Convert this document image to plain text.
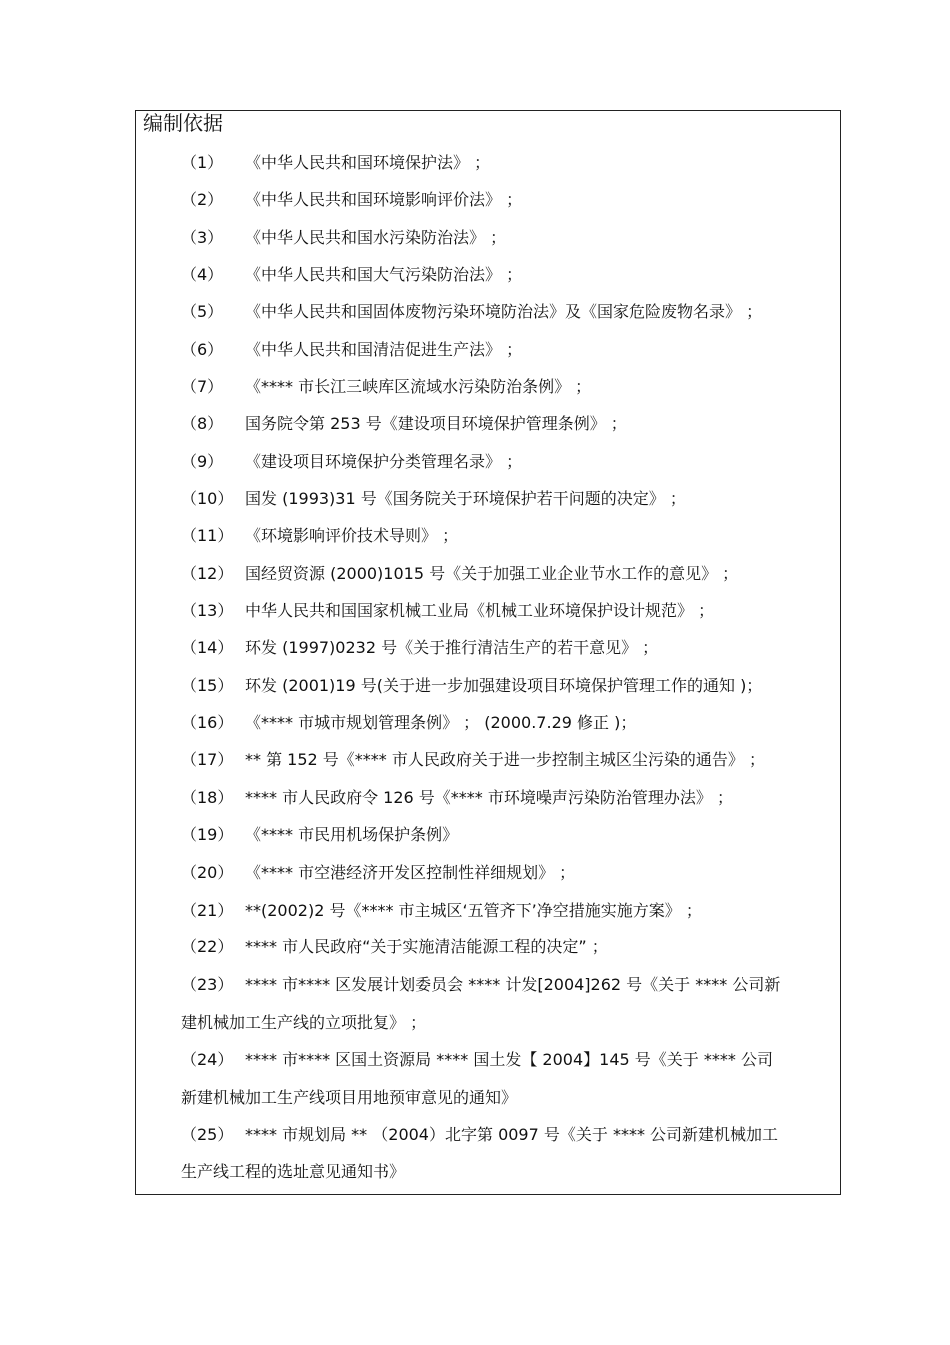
编制依据
（1） 《中华人民共和国环境保护法》 ；
（2） 《中华人民共和国环境影响评价法》 ；
（3） 《中华人民共和国水污染防治法》 ；
（4） 《中华人民共和国大气污染防治法》 ；
（5） 《中华人民共和国固体废物污染环境防治法》及《国家危险废物名录》 ；
（6） 《中华人民共和国清洁促进生产法》 ；
（7） 《**** 市长江三峡库区流域水污染防治条例》 ；
（8） 国务院令第 253 号《建设项目环境保护管理条例》 ；
（9） 《建设项目环境保护分类管理名录》 ；
（10） 国发 (1993)31 号《国务院关于环境保护若干问题的决定》 ；
（11） 《环境影响评价技术导则》 ；
（12） 国经贸资源 (2000)1015 号《关于加强工业企业节水工作的意见》 ；
（13） 中华人民共和国国家机械工业局《机械工业环境保护设计规范》 ；
（14） 环发 (1997)0232 号《关于推行清洁生产的若干意见》 ；
（15） 环发 (2001)19 号(关于进一步加强建设项目环境保护管理工作的通知 )；
（16） 《**** 市城市规划管理条例》 ； (2000.7.29 修正 )；
（17） ** 第 152 号《**** 市人民政府关于进一步控制主城区尘污染的通告》 ；
（18） **** 市人民政府令 126 号《**** 市环境噪声污染防治管理办法》 ；
（19） 《**** 市民用机场保护条例》
（20） 《**** 市空港经济开发区控制性祥细规划》 ；
（21） **(2002)2 号《**** 市主城区‘五管齐下’净空措施实施方案》 ；
（22） **** 市人民政府“关于实施清洁能源工程的决定” ；
（23） **** 市**** 区发展计划委员会 **** 计发[2004]262 号《关于 **** 公司新
建机械加工生产线的立项批复》 ；
（24） **** 市**** 区国土资源局 **** 国土发【 2004】145 号《关于 **** 公司
新建机械加工生产线项目用地预审意见的通知》
（25） **** 市规划局 ** （2004）北字第 0097 号《关于 **** 公司新建机械加工
生产线工程的选址意见通知书》
